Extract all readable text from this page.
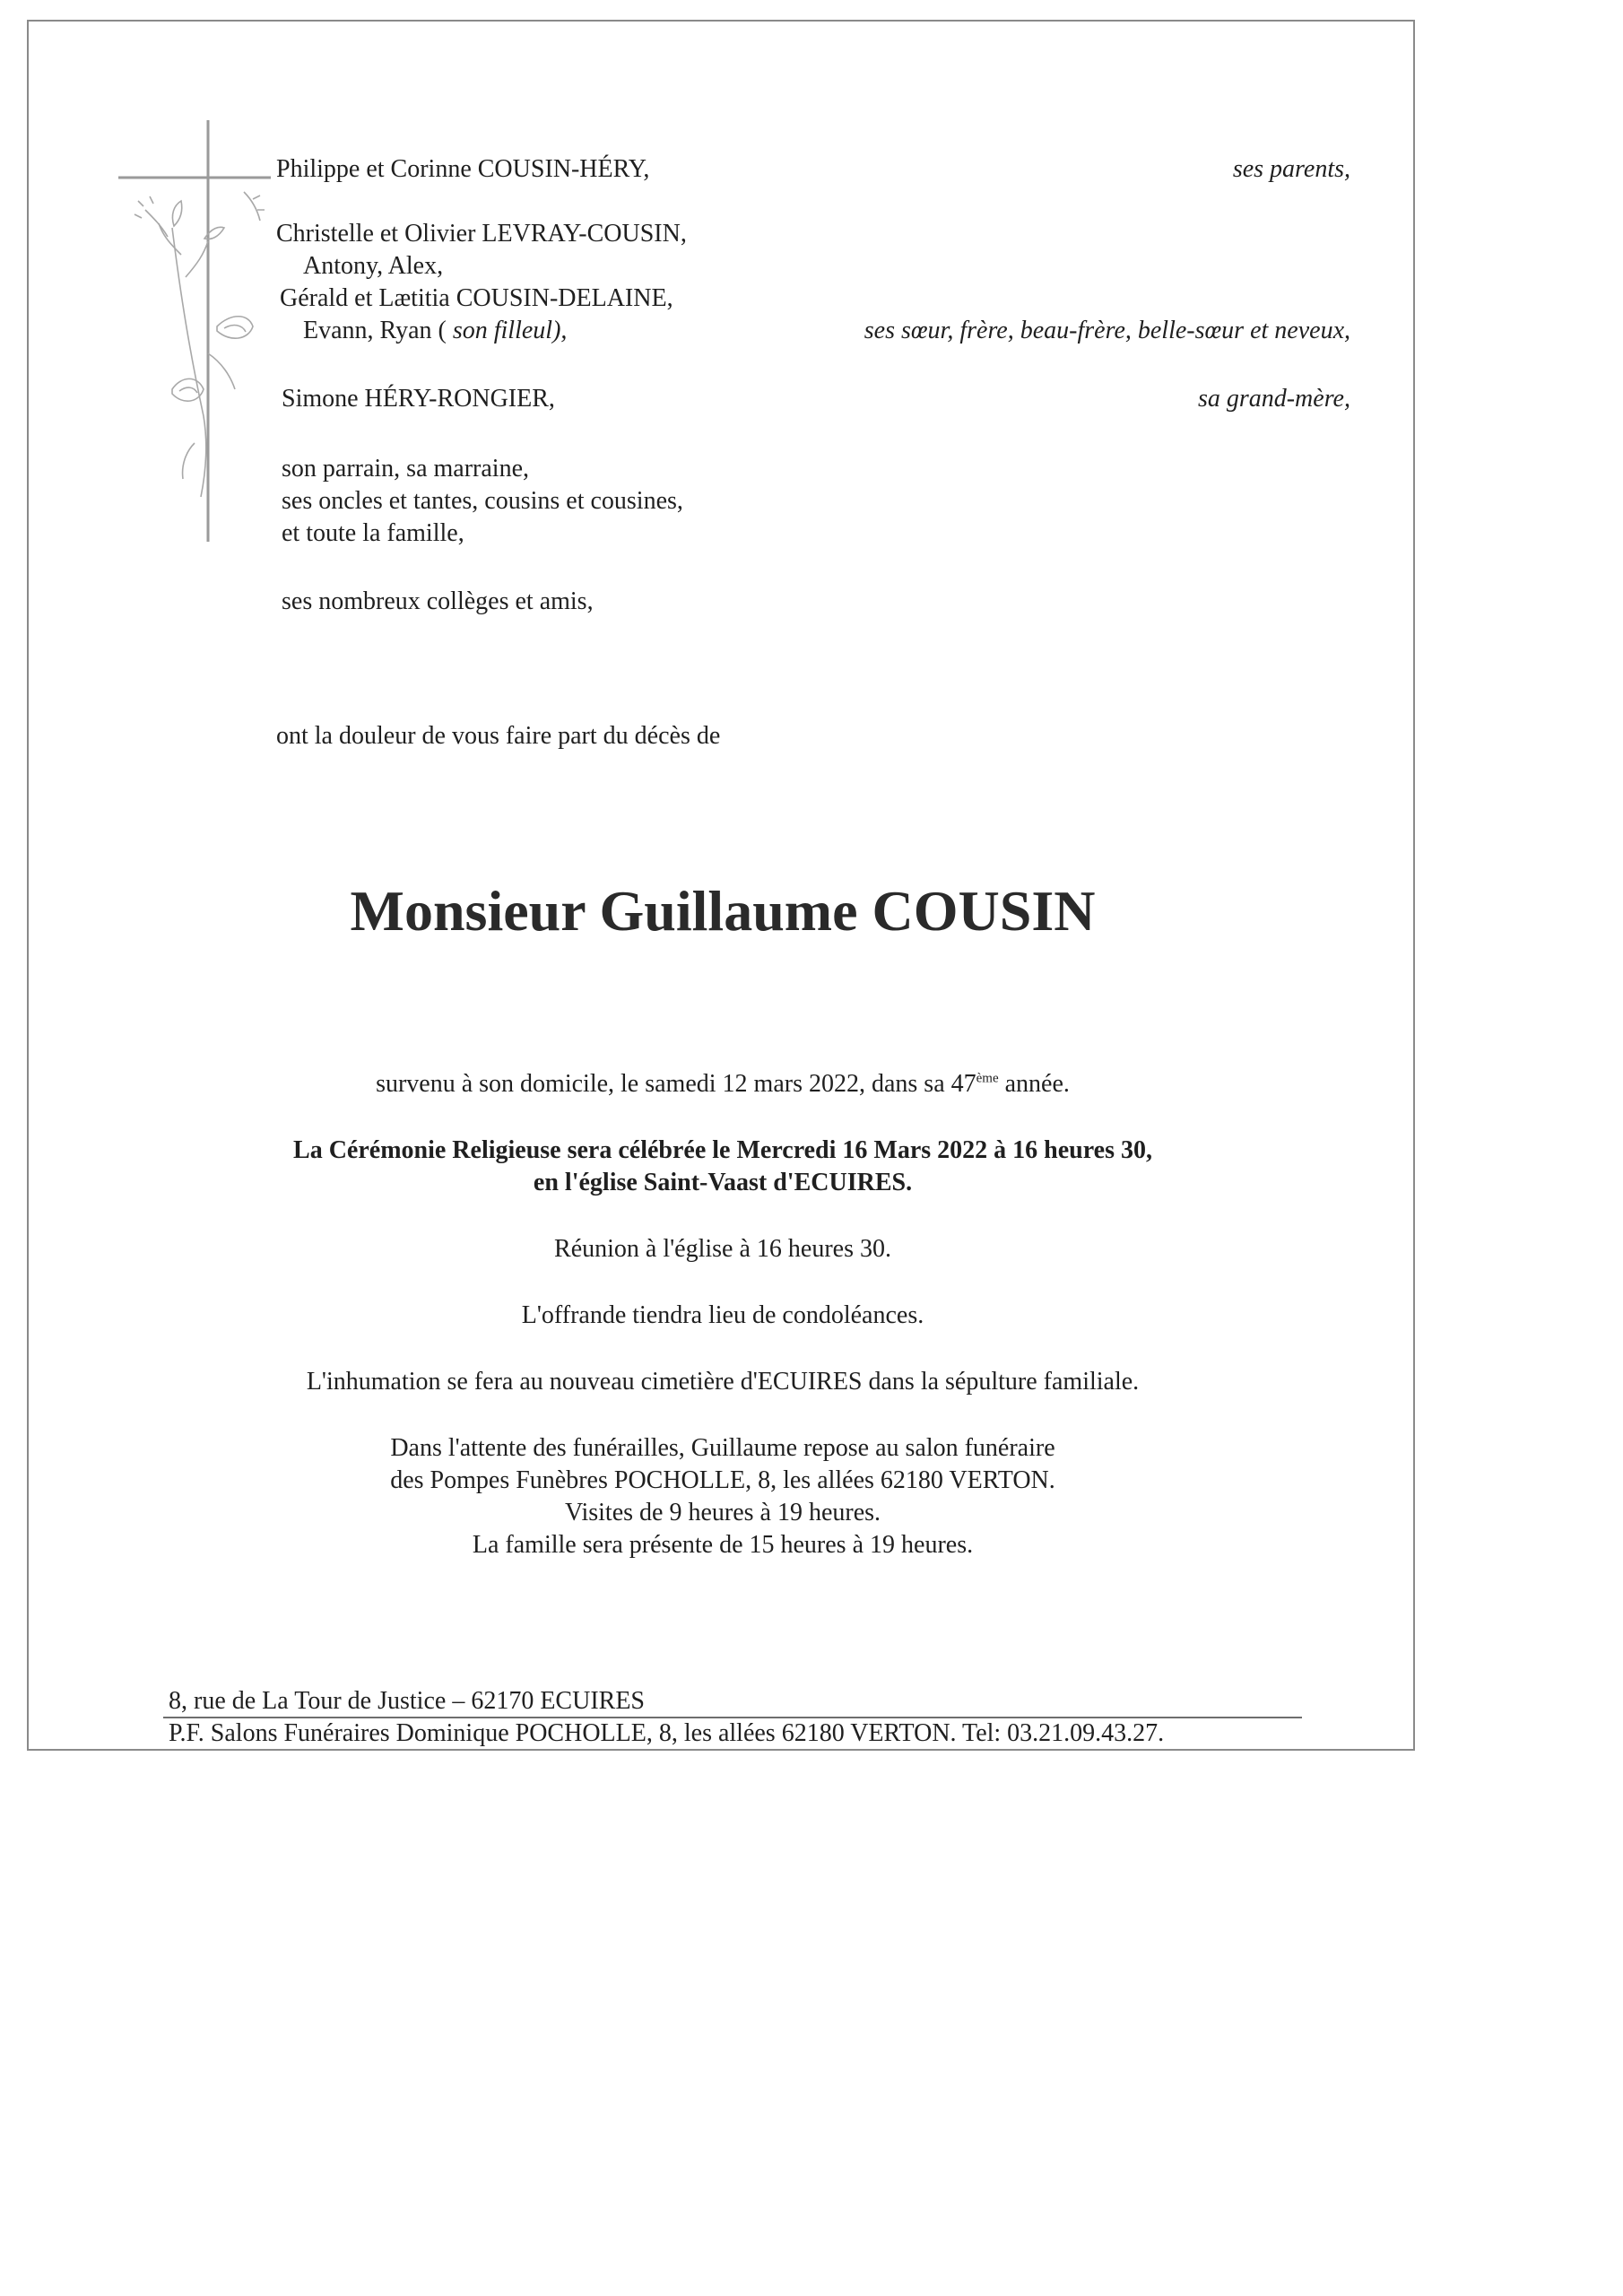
Philippe et Corinne COUSIN-HÉRY,	ses parents,
Christelle et Olivier LEVRAY-COUSIN,
Antony, Alex,
Gérald et Lætitia COUSIN-DELAINE,
Evann, Ryan ( son filleul),	ses sœur, frère, beau-frère, belle-sœur et neveux,
Simone HÉRY-RONGIER,	sa grand-mère,
son parrain, sa marraine,
ses oncles et tantes, cousins et cousines,
et toute la famille,
ses nombreux collèges et amis,
ont la douleur de vous faire part du décès de
Monsieur Guillaume COUSIN
survenu à son domicile, le samedi 12 mars 2022, dans sa 47ème année.
La Cérémonie Religieuse sera célébrée le Mercredi 16 Mars 2022 à 16 heures 30,
en l'église Saint-Vaast d'ECUIRES.
Réunion à l'église à 16 heures 30.
L'offrande tiendra lieu de condoléances.
L'inhumation se fera au nouveau cimetière d'ECUIRES dans la sépulture familiale.
Dans l'attente des funérailles, Guillaume repose au salon funéraire
des Pompes Funèbres POCHOLLE, 8, les allées 62180 VERTON.
Visites de 9 heures à 19 heures.
La famille sera présente de 15 heures à 19 heures.
8, rue de La Tour de Justice – 62170 ECUIRES
P.F. Salons Funéraires Dominique POCHOLLE, 8, les allées 62180 VERTON. Tel: 03.21.09.43.27.
